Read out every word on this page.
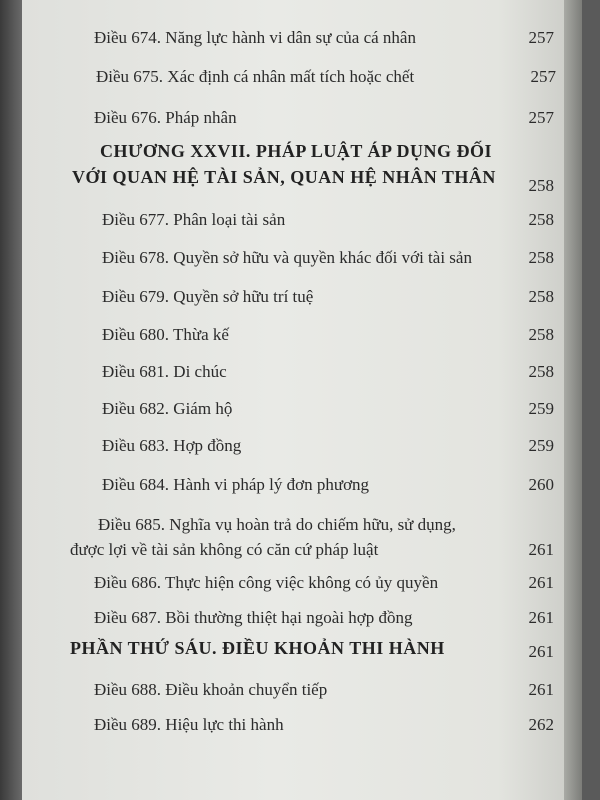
Điều 674. Năng lực hành vi dân sự của cá nhân	257
Điều 675. Xác định cá nhân mất tích hoặc chết	257
Điều 676. Pháp nhân	257
CHƯƠNG XXVII. PHÁP LUẬT ÁP DỤNG ĐỐI
VỚI QUAN HỆ TÀI SẢN, QUAN HỆ NHÂN THÂN 258
Điều 677. Phân loại tài sản	258
Điều 678. Quyền sở hữu và quyền khác đối với tài sản	258
Điều 679. Quyền sở hữu trí tuệ	258
Điều 680. Thừa kế	258
Điều 681. Di chúc	258
Điều 682. Giám hộ	259
Điều 683. Hợp đồng	259
Điều 684. Hành vi pháp lý đơn phương	260
Điều 685. Nghĩa vụ hoàn trả do chiếm hữu, sử dụng,
được lợi về tài sản không có căn cứ pháp luật	261
Điều 686. Thực hiện công việc không có ủy quyền	261
Điều 687. Bồi thường thiệt hại ngoài hợp đồng	261
PHẦN THỨ SÁU. ĐIỀU KHOẢN THI HÀNH	261
Điều 688. Điều khoản chuyển tiếp	261
Điều 689. Hiệu lực thi hành	262
